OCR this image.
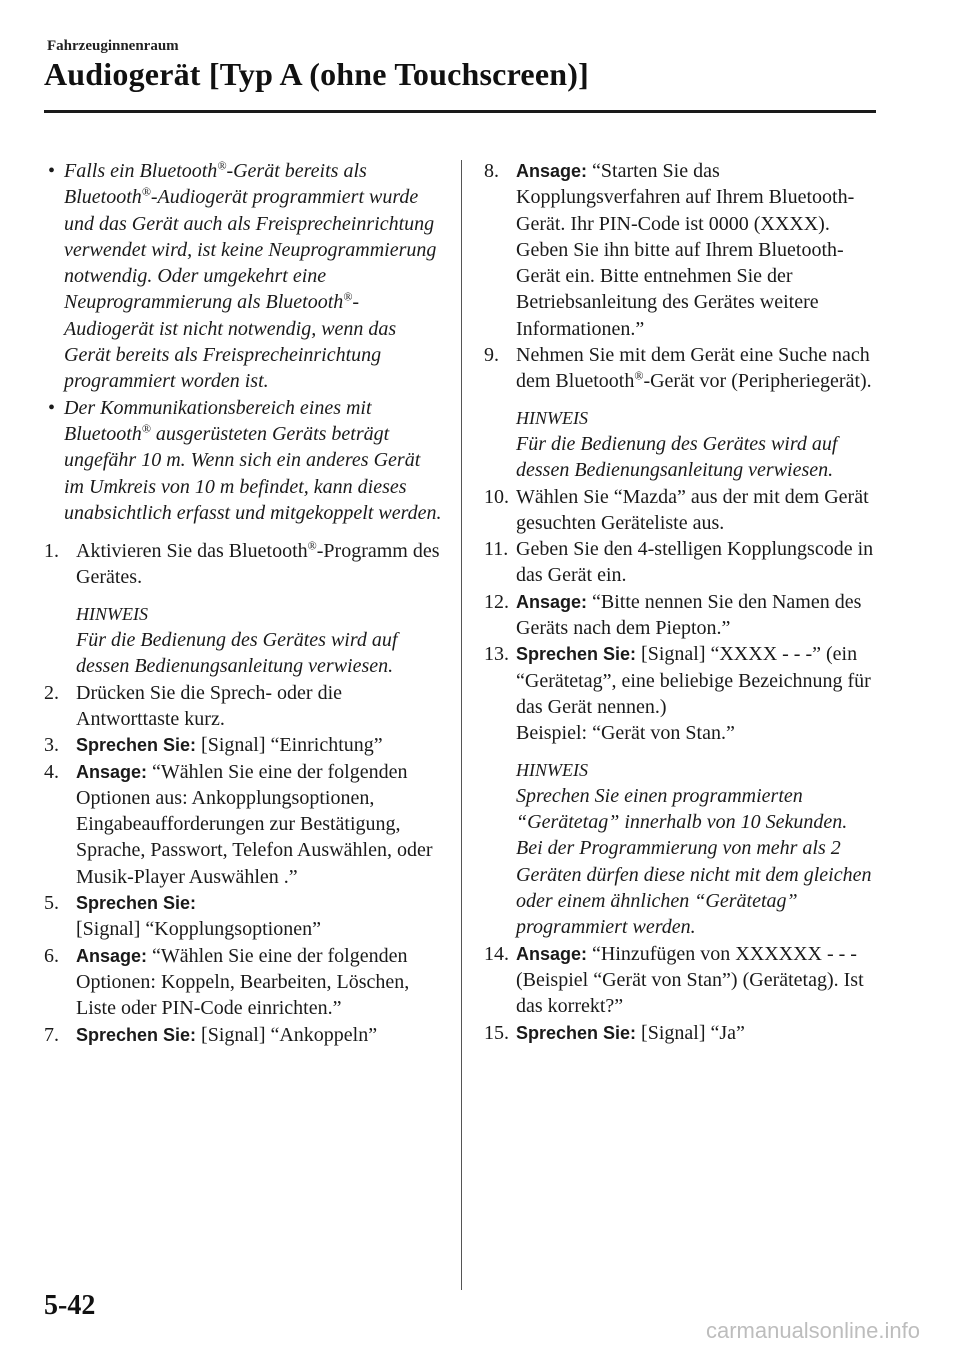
Fahrzeuginnenraum
Audiogerät [Typ A (ohne Touchscreen)]
• Falls ein Bluetooth®-Gerät bereits als Bluetooth®-Audiogerät programmiert wurde und das Gerät auch als Freisprecheinrichtung verwendet wird, ist keine Neuprogrammierung notwendig. Oder umgekehrt eine Neuprogrammierung als Bluetooth®-Audiogerät ist nicht notwendig, wenn das Gerät bereits als Freisprecheinrichtung programmiert worden ist.
• Der Kommunikationsbereich eines mit Bluetooth® ausgerüsteten Geräts beträgt ungefähr 10 m. Wenn sich ein anderes Gerät im Umkreis von 10 m befindet, kann dieses unabsichtlich erfasst und mitgekoppelt werden.
1. Aktivieren Sie das Bluetooth®-Programm des Gerätes.
HINWEIS
Für die Bedienung des Gerätes wird auf dessen Bedienungsanleitung verwiesen.
2. Drücken Sie die Sprech- oder die Antworttaste kurz.
3. Sprechen Sie: [Signal] “Einrichtung”
4. Ansage: “Wählen Sie eine der folgenden Optionen aus: Ankopplungsoptionen, Eingabeaufforderungen zur Bestätigung, Sprache, Passwort, Telefon Auswählen, oder Musik-Player Auswählen .”
5. Sprechen Sie:
[Signal] “Kopplungsoptionen”
6. Ansage: “Wählen Sie eine der folgenden Optionen: Koppeln, Bearbeiten, Löschen, Liste oder PIN-Code einrichten.”
7. Sprechen Sie: [Signal] “Ankoppeln”
8. Ansage: “Starten Sie das Kopplungsverfahren auf Ihrem Bluetooth- Gerät. Ihr PIN-Code ist 0000 (XXXX). Geben Sie ihn bitte auf Ihrem Bluetooth-Gerät ein. Bitte entnehmen Sie der Betriebsanleitung des Gerätes weitere Informationen.”
9. Nehmen Sie mit dem Gerät eine Suche nach dem Bluetooth®-Gerät vor (Peripheriegerät).
HINWEIS
Für die Bedienung des Gerätes wird auf dessen Bedienungsanleitung verwiesen.
10. Wählen Sie “Mazda” aus der mit dem Gerät gesuchten Geräteliste aus.
11. Geben Sie den 4-stelligen Kopplungscode in das Gerät ein.
12. Ansage: “Bitte nennen Sie den Namen des Geräts nach dem Piepton.”
13. Sprechen Sie: [Signal] “XXXX - - -” (ein “Gerätetag”, eine beliebige Bezeichnung für das Gerät nennen.)
Beispiel: “Gerät von Stan.”
HINWEIS
Sprechen Sie einen programmierten “Gerätetag” innerhalb von 10 Sekunden.
Bei der Programmierung von mehr als 2 Geräten dürfen diese nicht mit dem gleichen oder einem ähnlichen “Gerätetag” programmiert werden.
14. Ansage: “Hinzufügen von XXXXXX - - - (Beispiel “Gerät von Stan”) (Gerätetag). Ist das korrekt?”
15. Sprechen Sie: [Signal] “Ja”
5-42
carmanualsonline.info
